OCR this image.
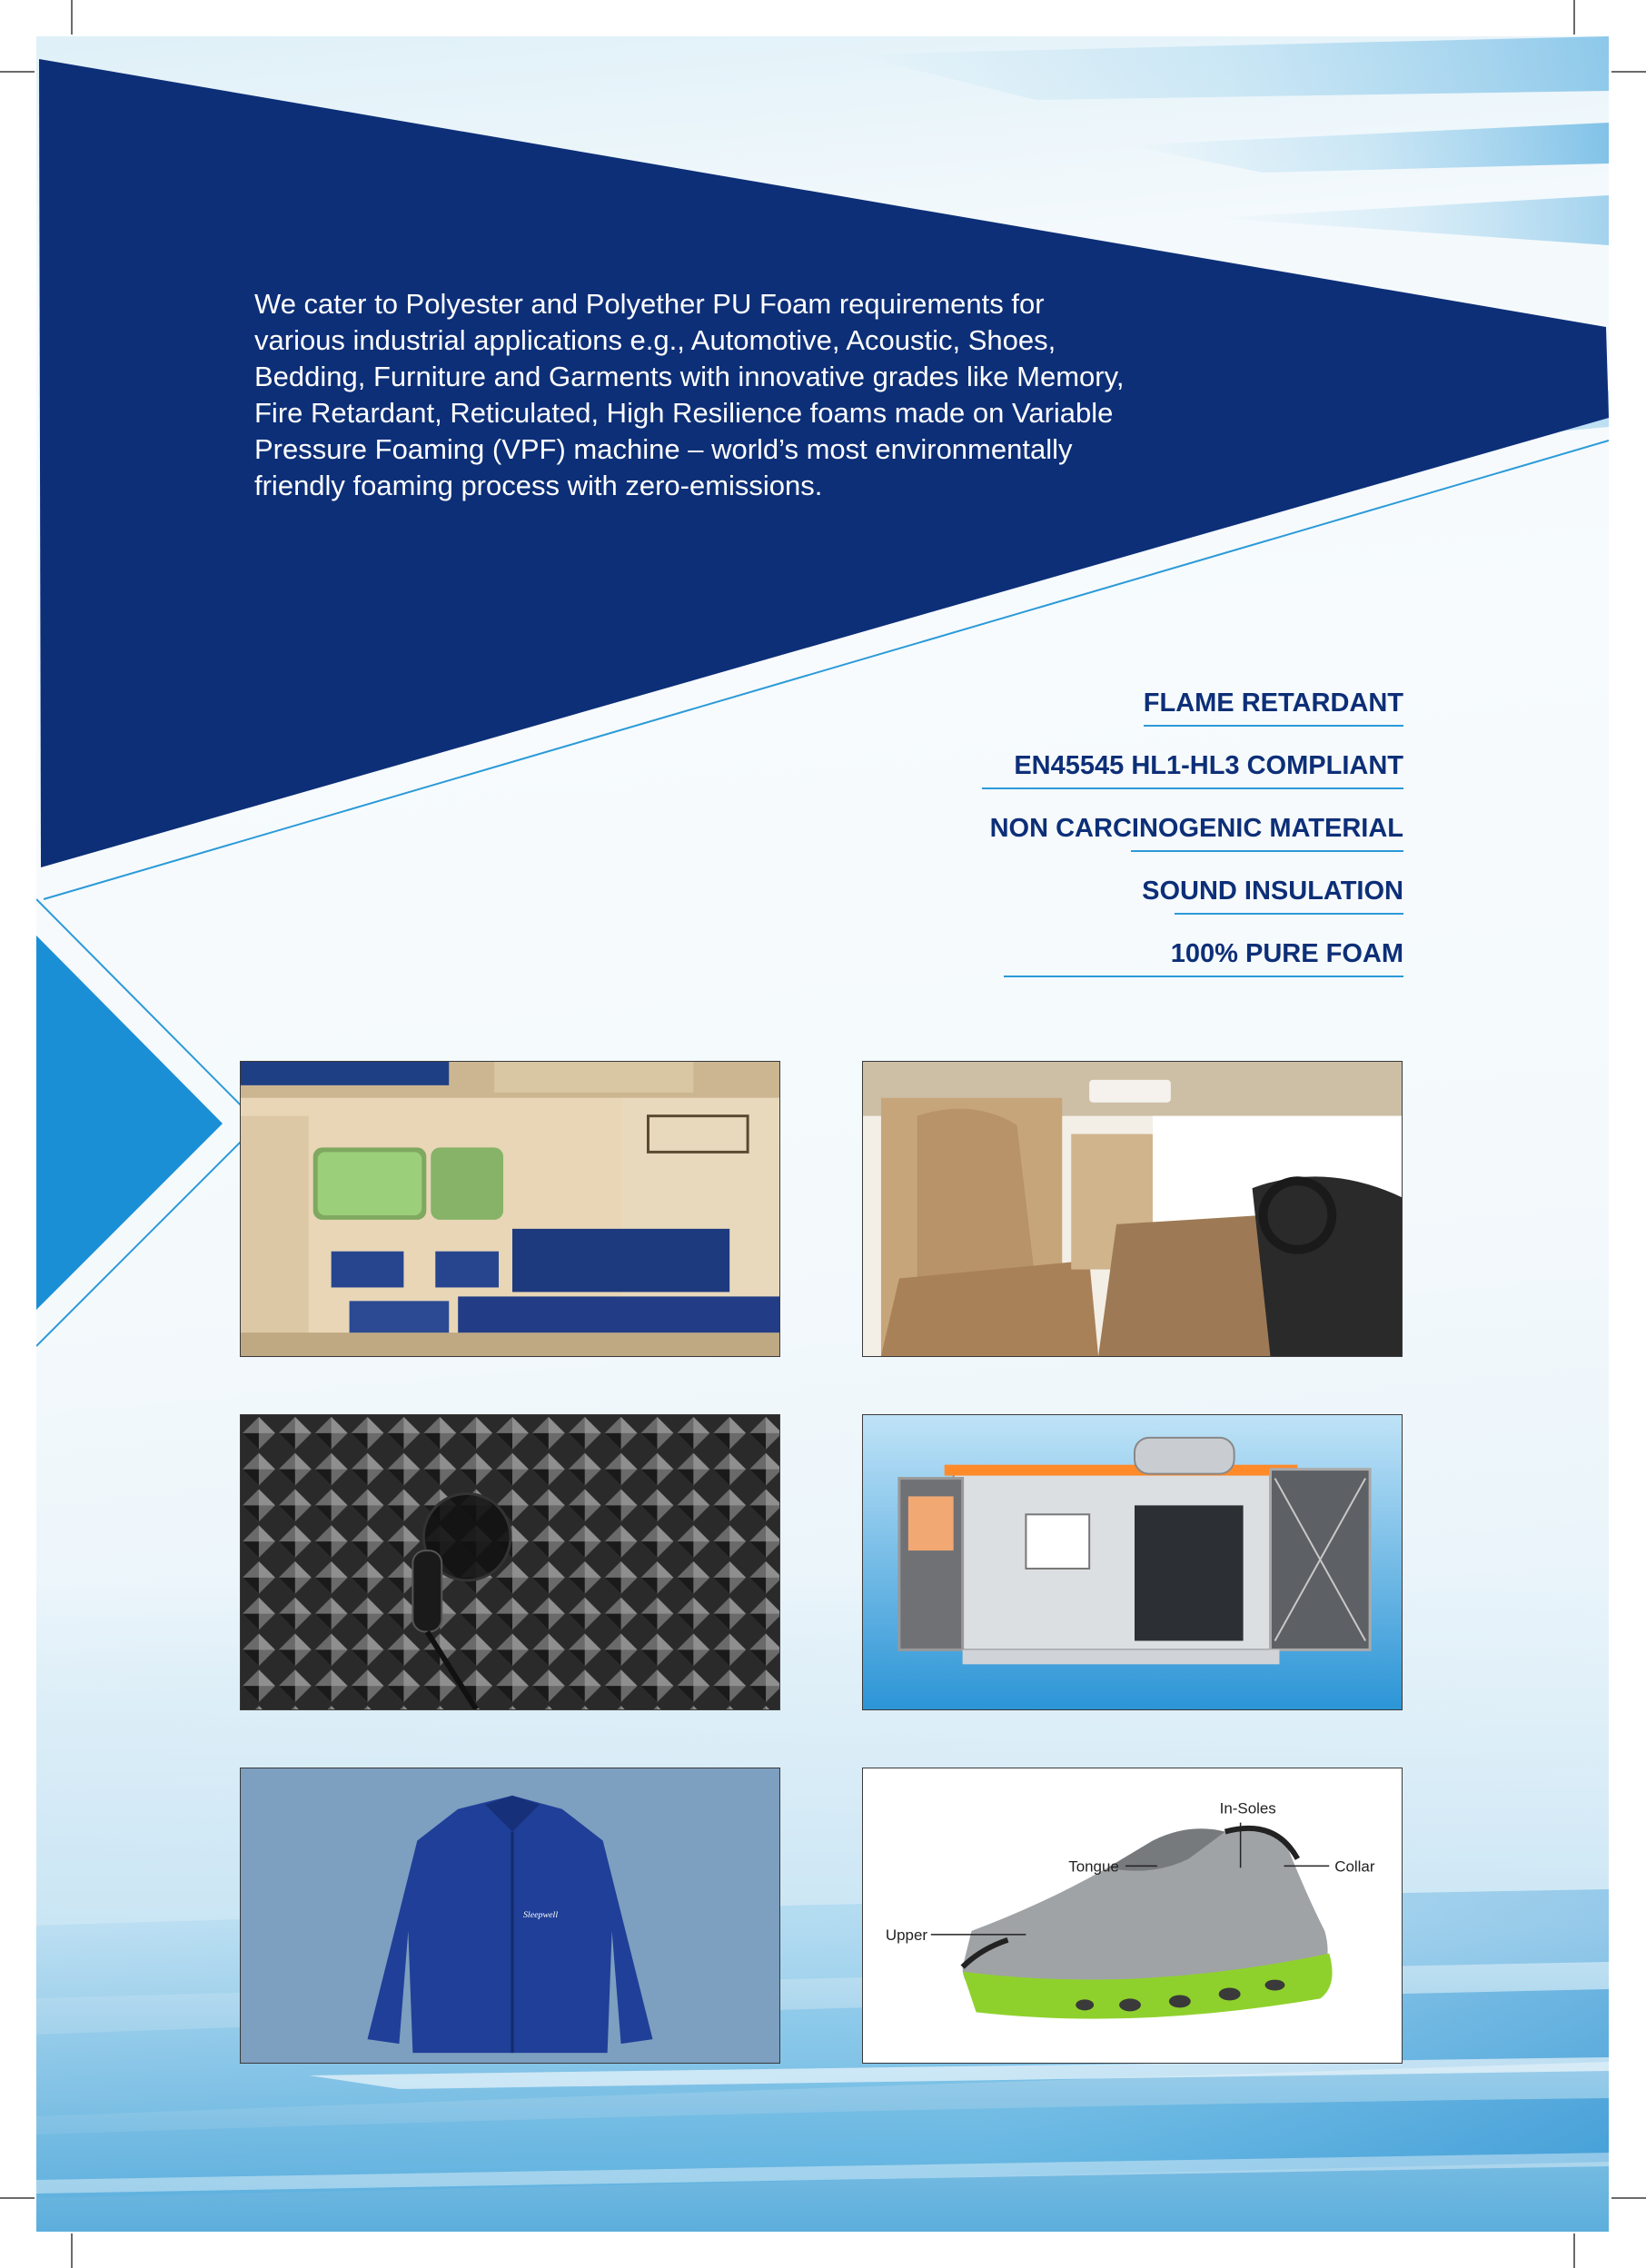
We cater to Polyester and Polyether PU Foam requirements for various industrial applications e.g., Automotive, Acoustic, Shoes, Bedding, Furniture and Garments with innovative grades like Memory, Fire Retardant, Reticulated, High Resilience foams made on Variable Pressure Foaming (VPF) machine – world’s most environmentally friendly foaming process with zero-emissions.

FLAME RETARDANT
EN45545 HL1-HL3 COMPLIANT
NON CARCINOGENIC MATERIAL
SOUND INSULATION
100% PURE FOAM
Sleepwell
In-Soles
Tongue	Collar
Upper
